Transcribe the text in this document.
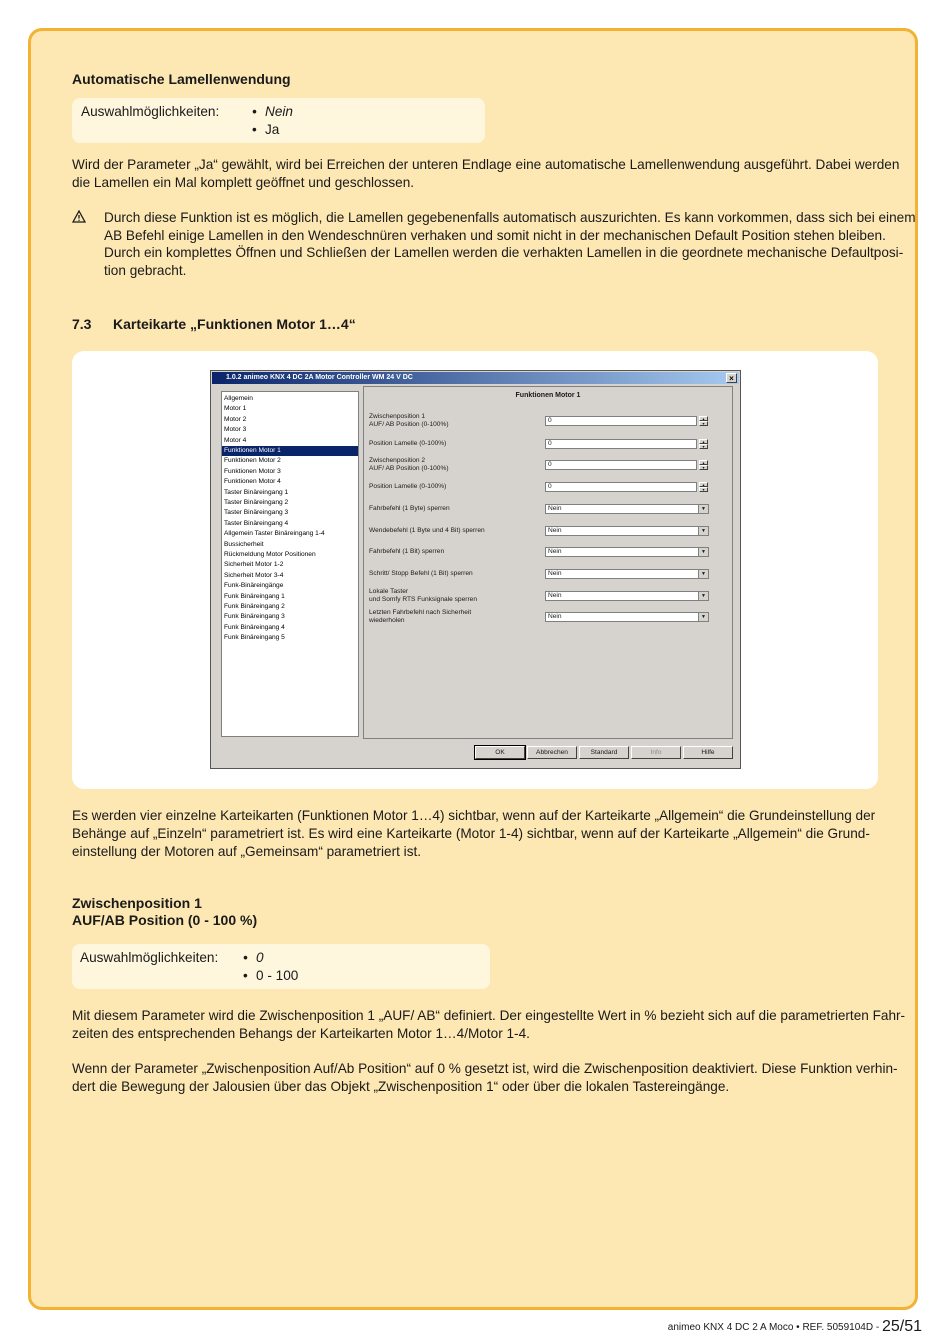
Automatische Lamellenwendung
Auswahlmöglichkeiten:	• Nein
• Ja
Wird der Parameter „Ja“ gewählt, wird bei Erreichen der unteren Endlage eine automatische Lamellenwendung ausgeführt. Dabei werden
die Lamellen ein Mal komplett geöffnet und geschlossen.
Durch diese Funktion ist es möglich, die Lamellen gegebenenfalls automatisch auszurichten. Es kann vorkommen, dass sich bei einem
AB Befehl einige Lamellen in den Wendeschnüren verhaken und somit nicht in der mechanischen Default Position stehen bleiben.
Durch ein komplettes Öffnen und Schließen der Lamellen werden die verhakten Lamellen in die geordnete mechanische Defaultposi-
tion gebracht.
7.3 Karteikarte „Funktionen Motor 1…4“
1.0.2 animeo KNX 4 DC 2A Motor Controller WM 24 V DC	×
Allgemein
Motor 1
Motor 2
Motor 3
Motor 4
Funktionen Motor 1
Funktionen Motor 2
Funktionen Motor 3
Funktionen Motor 4
Taster Binäreingang 1
Taster Binäreingang 2
Taster Binäreingang 3
Taster Binäreingang 4
Allgemein Taster Binäreingang 1-4
Bussicherheit
Rückmeldung Motor Positionen
Sicherheit Motor 1-2
Sicherheit Motor 3-4
Funk-Binäreingänge
Funk Binäreingang 1
Funk Binäreingang 2
Funk Binäreingang 3
Funk Binäreingang 4
Funk Binäreingang 5
Funktionen Motor 1
Zwischenposition 1
AUF/ AB Position (0-100%)	0	▴
▾
Position Lamelle (0-100%)	0	▴
▾
Zwischenposition 2
AUF/ AB Position (0-100%)	0	▴
▾
Position Lamelle (0-100%)	0	▴
▾
Fahrbefehl (1 Byte) sperren	Nein	▼
Wendebefehl (1 Byte und 4 Bit) sperren	Nein	▼
Fahrbefehl (1 Bit) sperren	Nein	▼
Schritt/ Stopp Befehl (1 Bit) sperren	Nein	▼
Lokale Taster
und Somfy RTS Funksignale sperren	Nein	▼
Letzten Fahrbefehl nach Sicherheit
wiederholen	Nein	▼
OK	Abbrechen	Standard	Info	Hilfe
Es werden vier einzelne Karteikarten (Funktionen Motor 1…4) sichtbar, wenn auf der Karteikarte „Allgemein“ die Grundeinstellung der
Behänge auf „Einzeln“ parametriert ist. Es wird eine Karteikarte (Motor 1-4) sichtbar, wenn auf der Karteikarte „Allgemein“ die Grund-
einstellung der Motoren auf „Gemeinsam“ parametriert ist.
Zwischenposition 1
AUF/AB Position (0 - 100 %)
Auswahlmöglichkeiten:	• 0
• 0 - 100
Mit diesem Parameter wird die Zwischenposition 1 „AUF/ AB“ definiert. Der eingestellte Wert in % bezieht sich auf die parametrierten Fahr-
zeiten des entsprechenden Behangs der Karteikarten Motor 1…4/Motor 1-4.
Wenn der Parameter „Zwischenposition Auf/Ab Position“ auf 0 % gesetzt ist, wird die Zwischenposition deaktiviert. Diese Funktion verhin-
dert die Bewegung der Jalousien über das Objekt „Zwischenposition 1“ oder über die lokalen Tastereingänge.
animeo KNX 4 DC 2 A Moco • REF. 5059104D - 25/51
